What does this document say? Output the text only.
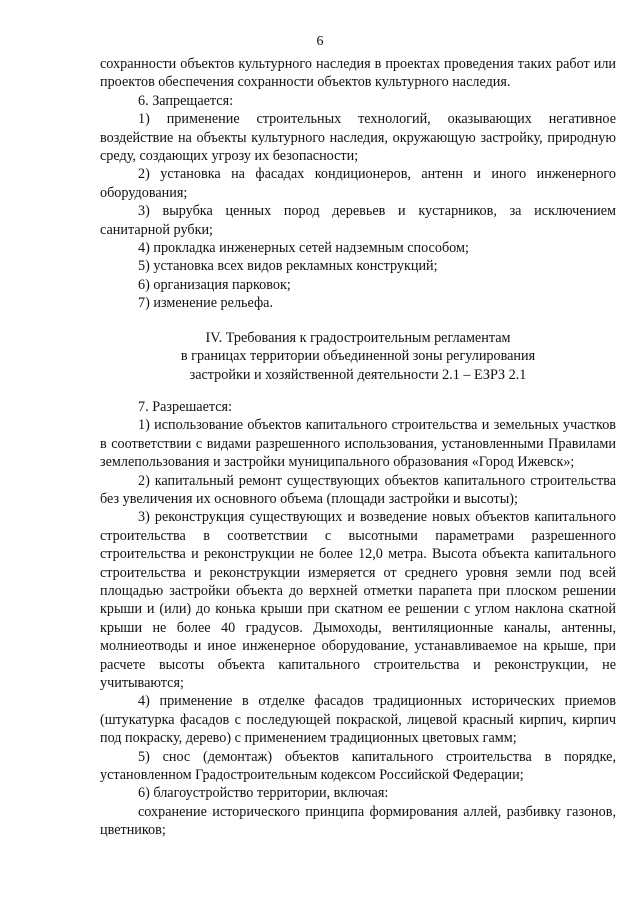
6

сохранности объектов культурного наследия в проектах проведения таких работ или проектов обеспечения сохранности объектов культурного наследия.

6. Запрещается:

1) применение строительных технологий, оказывающих негативное воздействие на объекты культурного наследия, окружающую застройку, природную среду, создающих угрозу их безопасности;

2) установка на фасадах кондиционеров, антенн и иного инженерного оборудования;

3) вырубка ценных пород деревьев и кустарников, за исключением санитарной рубки;

4) прокладка инженерных сетей надземным способом;

5) установка всех видов рекламных конструкций;

6) организация парковок;

7) изменение рельефа.

IV. Требования к градостроительным регламентам
в границах территории объединенной зоны регулирования
застройки и хозяйственной деятельности 2.1 – ЕЗРЗ 2.1

7. Разрешается:

1) использование объектов капитального строительства и земельных участков в соответствии с видами разрешенного использования, установленными Правилами землепользования и застройки муниципального образования «Город Ижевск»;

2) капитальный ремонт существующих объектов капитального строительства без увеличения их основного объема (площади застройки и высоты);

3) реконструкция существующих и возведение новых объектов капитального строительства в соответствии с высотными параметрами разрешенного строительства и реконструкции не более 12,0 метра. Высота объекта капитального строительства и реконструкции измеряется от среднего уровня земли под всей площадью застройки объекта до верхней отметки парапета при плоском решении крыши и (или) до конька крыши при скатном ее решении с углом наклона скатной крыши не более 40 градусов. Дымоходы, вентиляционные каналы, антенны, молниеотводы и иное инженерное оборудование, устанавливаемое на крыше, при расчете высоты объекта капитального строительства и реконструкции, не учитываются;

4) применение в отделке фасадов традиционных исторических приемов (штукатурка фасадов с последующей покраской, лицевой красный кирпич, кирпич под покраску, дерево) с применением традиционных цветовых гамм;

5) снос (демонтаж) объектов капитального строительства в порядке, установленном Градостроительным кодексом Российской Федерации;

6) благоустройство территории, включая:

сохранение исторического принципа формирования аллей, разбивку газонов, цветников;
